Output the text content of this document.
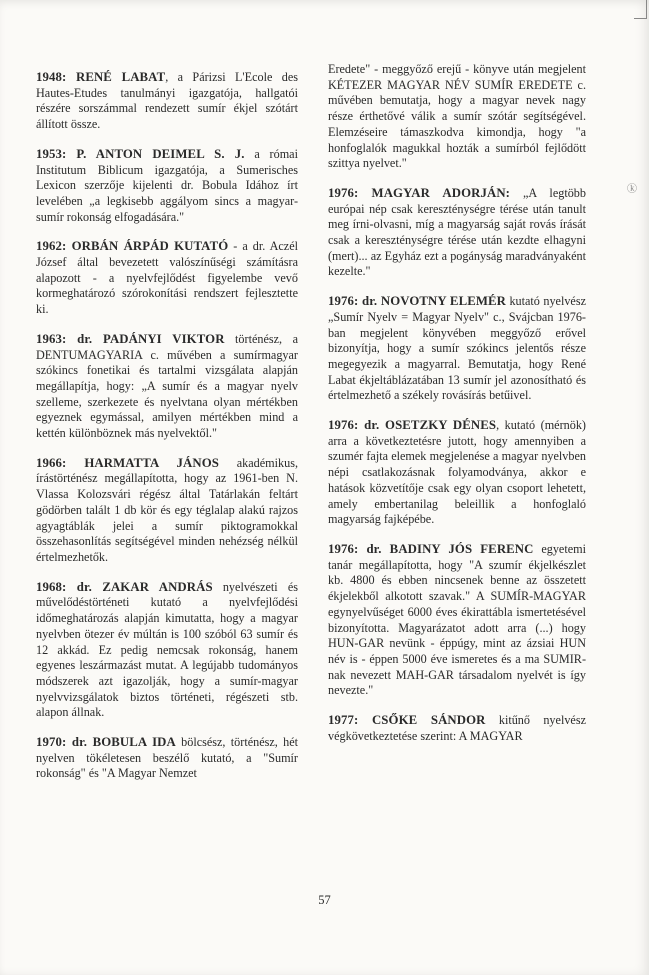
ⓚ

1948: RENÉ LABAT, a Párizsi L'Ecole des Hautes-Etudes tanulmányi igazgatója, hallgatói részére sorszámmal rendezett sumír ékjel szótárt állított össze.

1953: P. ANTON DEIMEL S. J. a római Institutum Biblicum igazgatója, a Sumerisches Lexicon szerzője kijelenti dr. Bobula Idához írt levelében „a legkisebb aggályom sincs a magyar-sumír rokonság elfogadására."

1962: ORBÁN ÁRPÁD KUTATÓ - a dr. Aczél József által bevezetett valószínűségi számításra alapozott - a nyelvfejlődést figyelembe vevő kormeghatározó szórokonítási rendszert fejlesztette ki.

1963: dr. PADÁNYI VIKTOR történész, a DENTUMAGYARIA c. művében a sumírmagyar szókincs fonetikai és tartalmi vizsgálata alapján megállapítja, hogy: „A sumír és a magyar nyelv szelleme, szerkezete és nyelvtana olyan mértékben egyeznek egymással, amilyen mértékben mind a kettén különböznek más nyelvektől."

1966: HARMATTA JÁNOS akadémikus, írástörténész megállapította, hogy az 1961-ben N. Vlassa Kolozsvári régész által Tatárlakán feltárt gödörben talált 1 db kör és egy téglalap alakú rajzos agyagtáblák jelei a sumír piktogramokkal összehasonlítás segítségével minden nehézség nélkül értelmezhetők.

1968: dr. ZAKAR ANDRÁS nyelvészeti és művelődéstörténeti kutató a nyelvfejlődési időmeghatározás alapján kimutatta, hogy a magyar nyelvben ötezer év múltán is 100 szóból 63 sumír és 12 akkád. Ez pedig nemcsak rokonság, hanem egyenes leszármazást mutat. A legújabb tudományos módszerek azt igazolják, hogy a sumír-magyar nyelvvizsgálatok biztos történeti, régészeti stb. alapon állnak.

1970: dr. BOBULA IDA bölcsész, történész, hét nyelven tökéletesen beszélő kutató, a "Sumír rokonság" és "A Magyar Nemzet

Eredete" - meggyőző erejű - könyve után megjelent KÉTEZER MAGYAR NÉV SUMÍR EREDETE c. művében bemutatja, hogy a magyar nevek nagy része érthetővé válik a sumír szótár segítségével. Elemzéseire támaszkodva kimondja, hogy "a honfoglalók magukkal hozták a sumírból fejlődött szittya nyelvet."

1976: MAGYAR ADORJÁN: „A legtöbb európai nép csak kereszténységre térése után tanult meg írni-olvasni, míg a magyarság saját rovás írását csak a kereszténységre térése után kezdte elhagyni (mert)... az Egyház ezt a pogányság maradványaként kezelte."

1976: dr. NOVOTNY ELEMÉR kutató nyelvész „Sumír Nyelv = Magyar Nyelv" c., Svájcban 1976-ban megjelent könyvében meggyőző erővel bizonyítja, hogy a sumír szókincs jelentős része megegyezik a magyarral. Bemutatja, hogy René Labat ékjeltáblázatában 13 sumír jel azonosítható és értelmezhető a székely rovásírás betűivel.

1976: dr. OSETZKY DÉNES, kutató (mérnök) arra a következtetésre jutott, hogy amennyiben a szumér fajta elemek megjelenése a magyar nyelvben népi csatlakozásnak folyamodványa, akkor e hatások közvetítője csak egy olyan csoport lehetett, amely embertanilag beleillik a honfoglaló magyarság fajképébe.

1976: dr. BADINY JÓS FERENC egyetemi tanár megállapította, hogy "A szumír ékjelkészlet kb. 4800 és ebben nincsenek benne az összetett ékjelekből alkotott szavak." A SUMÍR-MAGYAR egynyelvűséget 6000 éves ékirattábla ismertetésével bizonyította. Magyarázatot adott arra (...) hogy HUN-GAR nevünk - éppúgy, mint az ázsiai HUN név is - éppen 5000 éve ismeretes és a ma SUMIR-nak nevezett MAH-GAR társadalom nyelvét is így nevezte."

1977: CSŐKE SÁNDOR kitűnő nyelvész végkövetkeztetése szerint: A MAGYAR

57
